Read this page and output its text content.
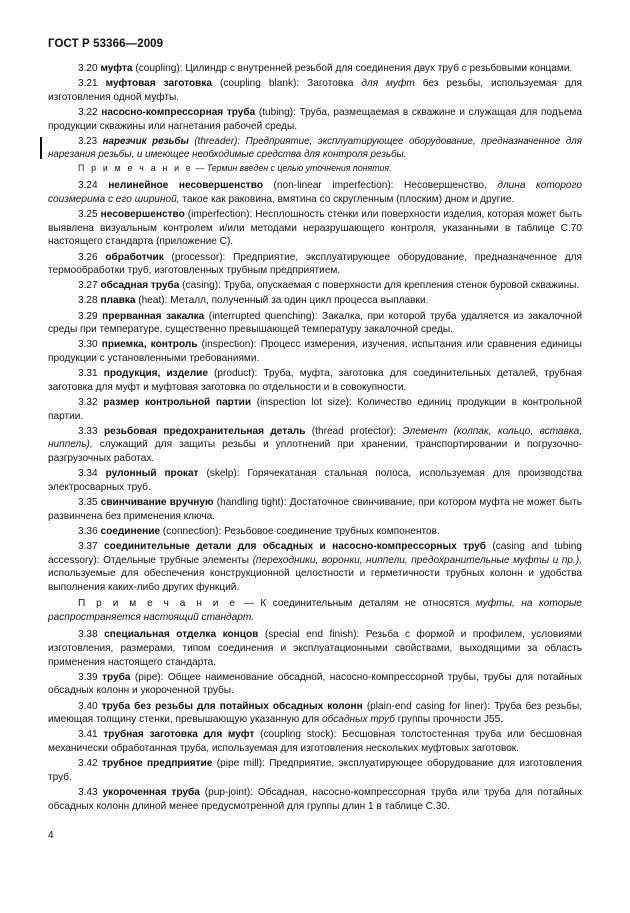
ГОСТ Р 53366—2009

3.20 муфта (coupling): Цилиндр с внутренней резьбой для соединения двух труб с резьбовыми концами.

3.21 муфтовая заготовка (coupling blank): Заготовка для муфт без резьбы, используемая для изготовления одной муфты.

3.22 насосно-компрессорная труба (tubing): Труба, размещаемая в скважине и служащая для подъема продукции скважины или нагнетания рабочей среды.

3.23 нарезчик резьбы (threader): Предприятие, эксплуатирующее оборудование, предназначенное для нарезания резьбы, и имеющее необходимые средства для контроля резьбы.

П р и м е ч а н и е — Термин введен с целью уточнения понятия.

3.24 нелинейное несовершенство (non-linear imperfection): Несовершенство, длина которого соизмерима с его шириной, такое как раковина, вмятина со скругленным (плоским) дном и другие.

3.25 несовершенство (imperfection): Несплошность стенки или поверхности изделия, которая может быть выявлена визуальным контролем и/или методами неразрушающего контроля, указанными в таблице С.70 настоящего стандарта (приложение С).

3.26 обработчик (processor): Предприятие, эксплуатирующее оборудование, предназначенное для термообработки труб, изготовленных трубным предприятием.

3.27 обсадная труба (casing): Труба, опускаемая с поверхности для крепления стенок буровой скважины.

3.28 плавка (heat): Металл, полученный за один цикл процесса выплавки.

3.29 прерванная закалка (interrupted quenching): Закалка, при которой труба удаляется из закалочной среды при температуре, существенно превышающей температуру закалочной среды.

3.30 приемка, контроль (inspection): Процесс измерения, изучения, испытания или сравнения единицы продукции с установленными требованиями.

3.31 продукция, изделие (product): Труба, муфта, заготовка для соединительных деталей, трубная заготовка для муфт и муфтовая заготовка по отдельности и в совокупности.

3.32 размер контрольной партии (inspection lot size): Количество единиц продукции в контрольной партии.

3.33 резьбовая предохранительная деталь (thread protector): Элемент (колпак, кольцо, вставка, ниппель), служащий для защиты резьбы и уплотнений при хранении, транспортировании и погрузочно-разгрузочных работах.

3.34 рулонный прокат (skelp): Горячекатаная стальная полоса, используемая для производства электросварных труб.

3.35 свинчивание вручную (handling tight): Достаточное свинчивание, при котором муфта не может быть развинчена без применения ключа.

3.36 соединение (connection): Резьбовое соединение трубных компонентов.

3.37 соединительные детали для обсадных и насосно-компрессорных труб (casing and tubing accessory): Отдельные трубные элементы (переходники, воронки, ниппели, предохранительные муфты и пр.), используемые для обеспечения конструкционной целостности и герметичности трубных колонн и удобства выполнения каких-либо других функций.

П р и м е ч а н и е — К соединительным деталям не относятся муфты, на которые распространяется настоящий стандарт.

3.38 специальная отделка концов (special end finish): Резьба с формой и профилем, условиями изготовления, размерами, типом соединения и эксплуатационными свойствами, выходящими за область применения настоящего стандарта.

3.39 труба (pipe): Общее наименование обсадной, насосно-компрессорной трубы, трубы для потайных обсадных колонн и укороченной трубы.

3.40 труба без резьбы для потайных обсадных колонн (plain-end casing for liner): Труба без резьбы, имеющая толщину стенки, превышающую указанную для обсадных труб группы прочности J55.

3.41 трубная заготовка для муфт (coupling stock): Бесшовная толстостенная труба или бесшовная механически обработанная труба, используемая для изготовления нескольких муфтовых заготовок.

3.42 трубное предприятие (pipe mill): Предприятие, эксплуатирующее оборудование для изготовления труб.

3.43 укороченная труба (pup-joint): Обсадная, насосно-компрессорная труба или труба для потайных обсадных колонн длиной менее предусмотренной для группы длин 1 в таблице С.30.

4
